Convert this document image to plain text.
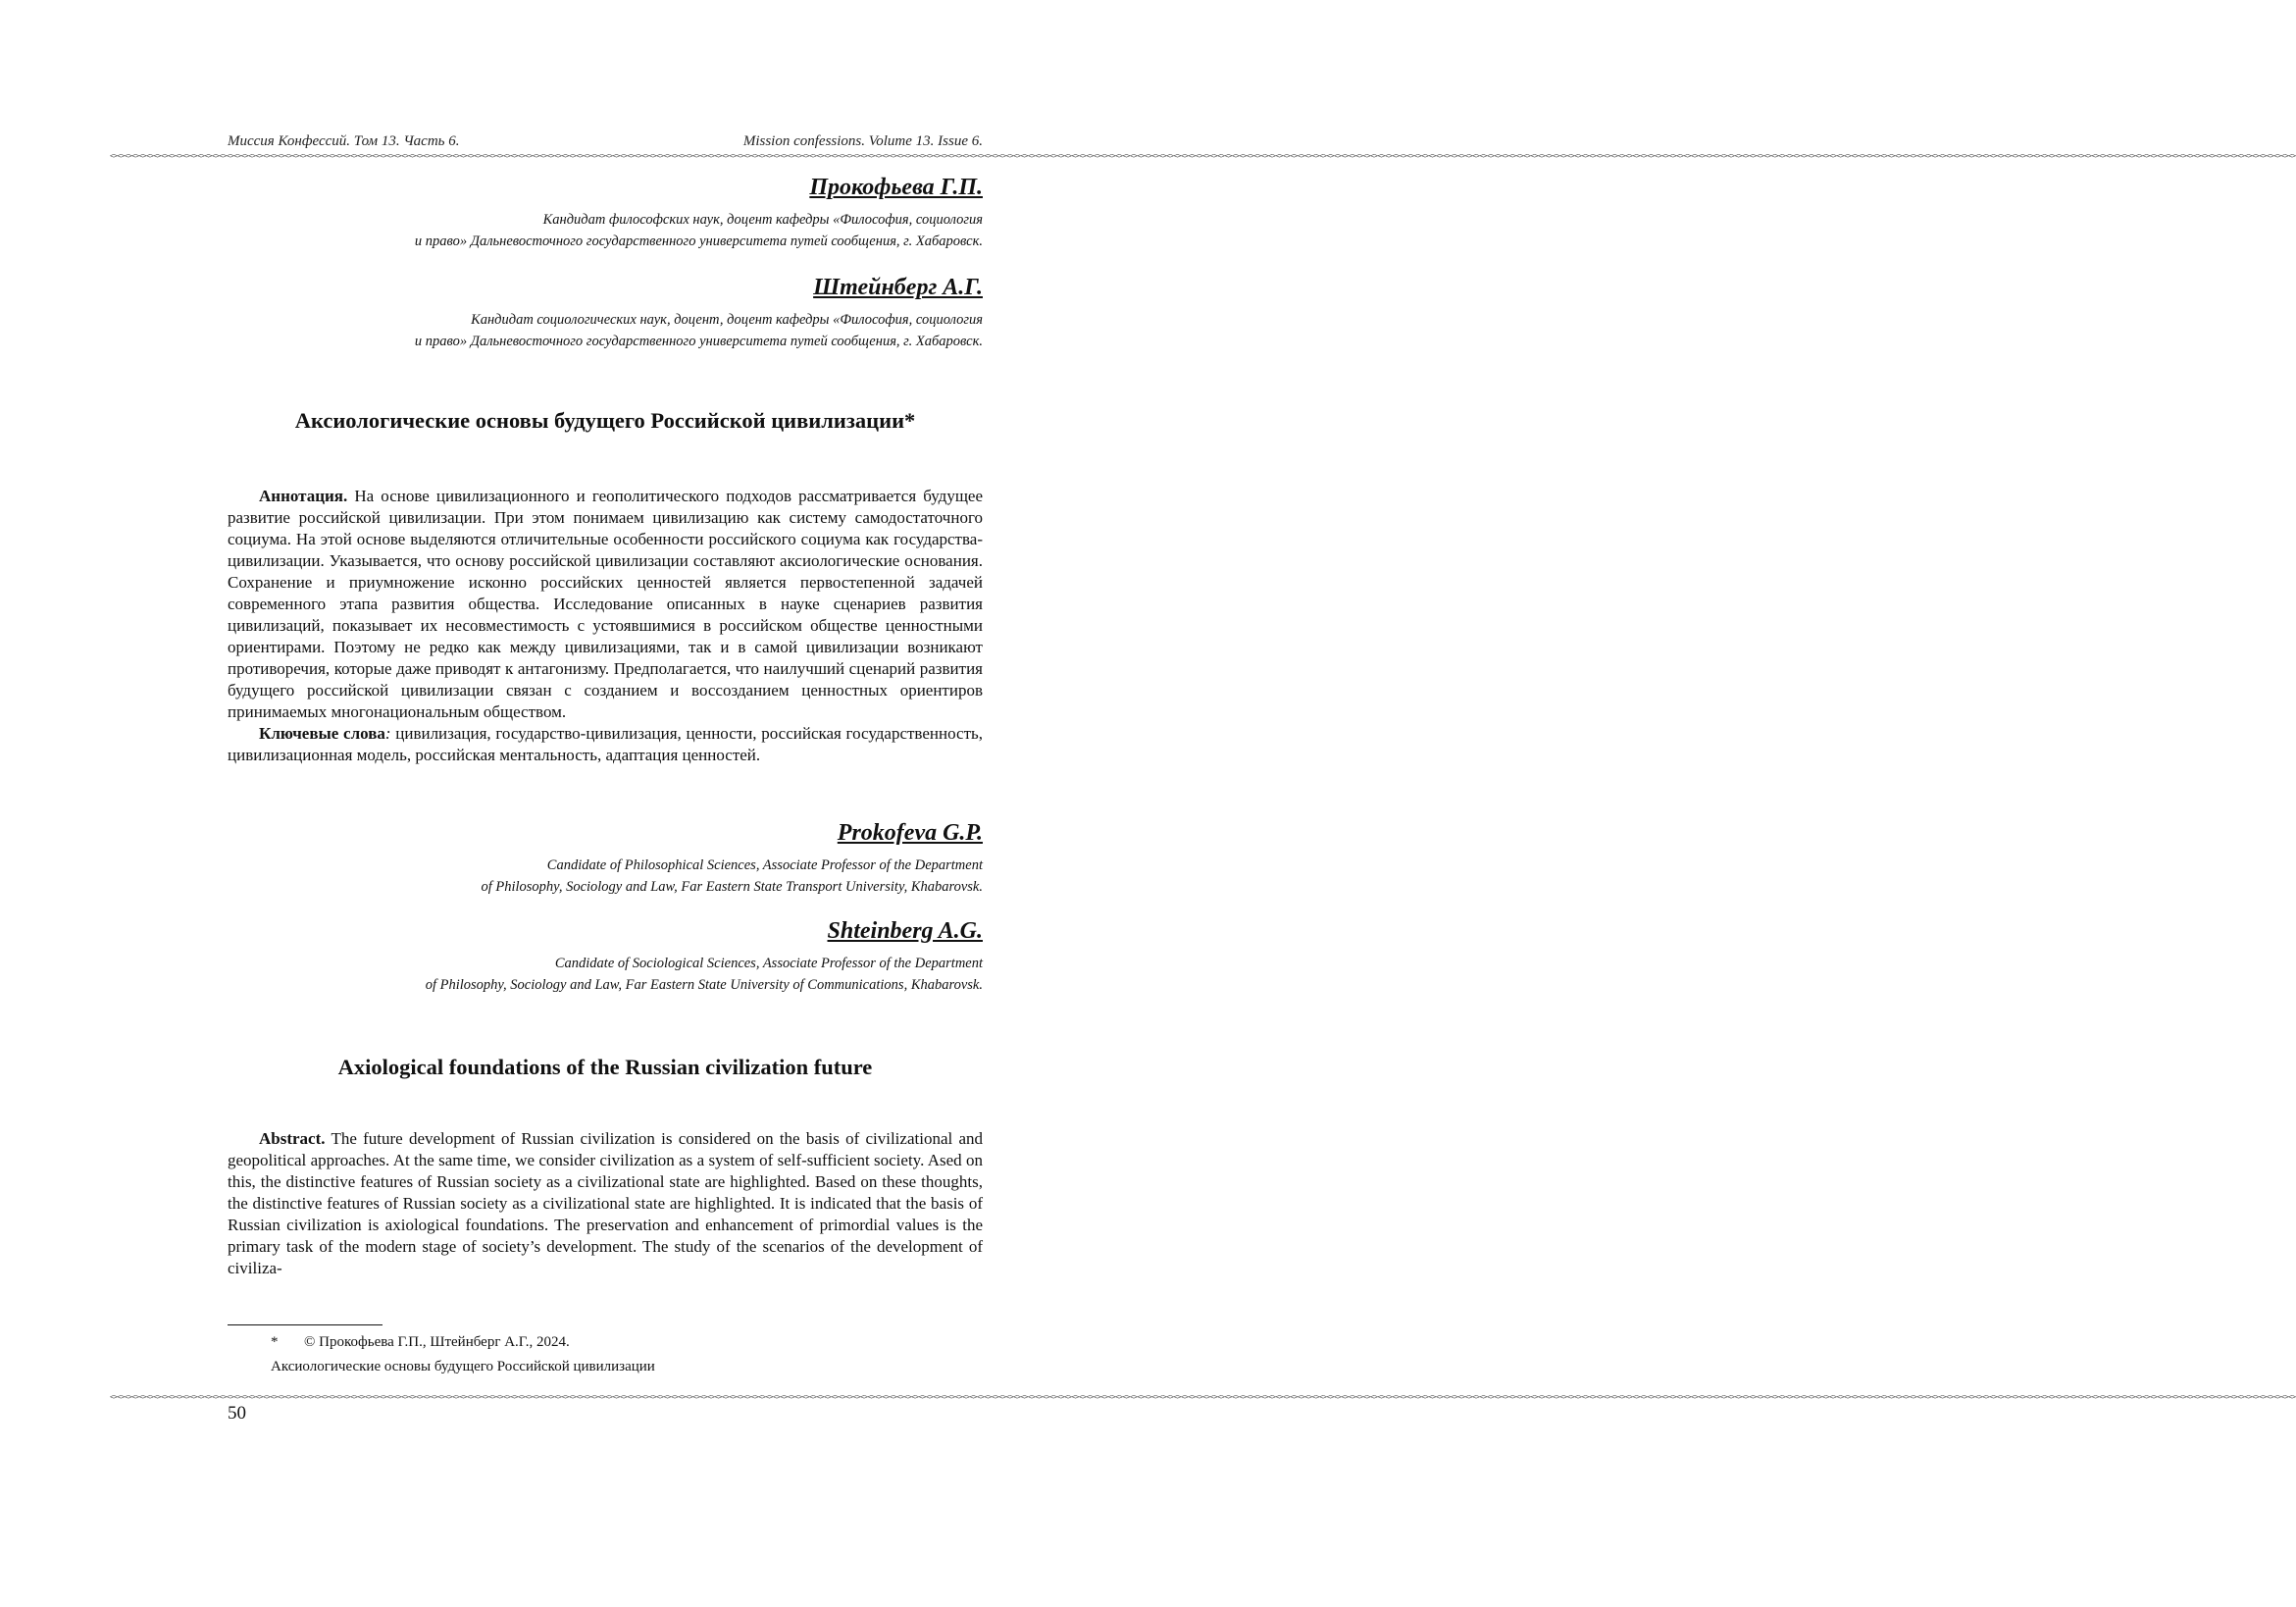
Миссия Конфессий. Том 13. Часть 6.	Mission confessions. Volume 13. Issue 6.
<><><><><><><><><><><><><><><><><><><><><><><><><><><><><><><><><><><><><><><><><><><><><><><><><><><><><><><><><><><><><><><><><><><><><><><><><><><><><><><><><><><><><><><><><><><><><><><><><><><><><><><><><><><><><><><><><><><><><><><><><><><><><><><><><><><><><><><><><><><><><><><><><><><><><><><><><><><><><><><><><><><><><><><><><><><><><><><><><><><><><><><><><><><><><><><><><><><><><><><><><><><><><><><><><><><><><><><><><><><><><><><><><><><><><><><><><><><><><><><><><><><><><><><><><><><><><><><><><><><><><><><><><><><><><><><><><><><><><><><><><><><><><><><><><><><><><><><><><><><><>

Прокофьева Г.П.

Кандидат философских наук, доцент кафедры «Философия, социология
и право» Дальневосточного государственного университета путей сообщения, г. Хабаровск.

Штейнберг А.Г.

Кандидат социологических наук, доцент, доцент кафедры «Философия, социология
и право» Дальневосточного государственного университета путей сообщения, г. Хабаровск.

Аксиологические основы будущего Российской цивилизации*

Аннотация. На основе цивилизационного и геополитического подходов рассматривается будущее развитие российской цивилизации. При этом понимаем цивилизацию как систему самодостаточного социума. На этой основе выделяются отличительные особенности российского социума как государства-цивилизации. Указывается, что основу российской цивилизации составляют аксиологические основания. Сохранение и приумножение исконно российских ценностей является первостепенной задачей современного этапа развития общества. Исследование описанных в науке сценариев развития цивилизаций, показывает их несовместимость с устоявшимися в российском обществе ценностными ориентирами. Поэтому не редко как между цивилизациями, так и в самой цивилизации возникают противоречия, которые даже приводят к антагонизму. Предполагается, что наилучший сценарий развития будущего российской цивилизации связан с созданием и воссозданием ценностных ориентиров принимаемых многонациональным обществом.

Ключевые слова: цивилизация, государство-цивилизация, ценности, российская государственность, цивилизационная модель, российская ментальность, адаптация ценностей.

Prokofeva G.P.

Candidate of Philosophical Sciences, Associate Professor of the Department
of Philosophy, Sociology and Law, Far Eastern State Transport University, Khabarovsk.

Shteinberg A.G.

Candidate of Sociological Sciences, Associate Professor of the Department
of Philosophy, Sociology and Law, Far Eastern State University of Communications, Khabarovsk.

Axiological foundations of the Russian civilization future

Abstract. The future development of Russian civilization is considered on the basis of civilizational and geopolitical approaches. At the same time, we consider civilization as a system of self-sufficient society. Ased on this, the distinctive features of Russian society as a civilizational state are highlighted. Based on these thoughts, the distinctive features of Russian society as a civilizational state are highlighted. It is indicated that the basis of Russian civilization is axiological foundations. The preservation and enhancement of primordial values is the primary task of the modern stage of society’s development. The study of the scenarios of the development of civiliza-

* © Прокофьева Г.П., Штейнберг А.Г., 2024.
Аксиологические основы будущего Российской цивилизации
<><><><><><><><><><><><><><><><><><><><><><><><><><><><><><><><><><><><><><><><><><><><><><><><><><><><><><><><><><><><><><><><><><><><><><><><><><><><><><><><><><><><><><><><><><><><><><><><><><><><><><><><><><><><><><><><><><><><><><><><><><><><><><><><><><><><><><><><><><><><><><><><><><><><><><><><><><><><><><><><><><><><><><><><><><><><><><><><><><><><><><><><><><><><><><><><><><><><><><><><><><><><><><><><><><><><><><><><><><><><><><><><><><><><><><><><><><><><><><><><><><><><><><><><><><><><><><><><><><><><><><><><><><><><><><><><><><><><><><><><><><><><><><><><><><><><><><><><><><><><>
50
